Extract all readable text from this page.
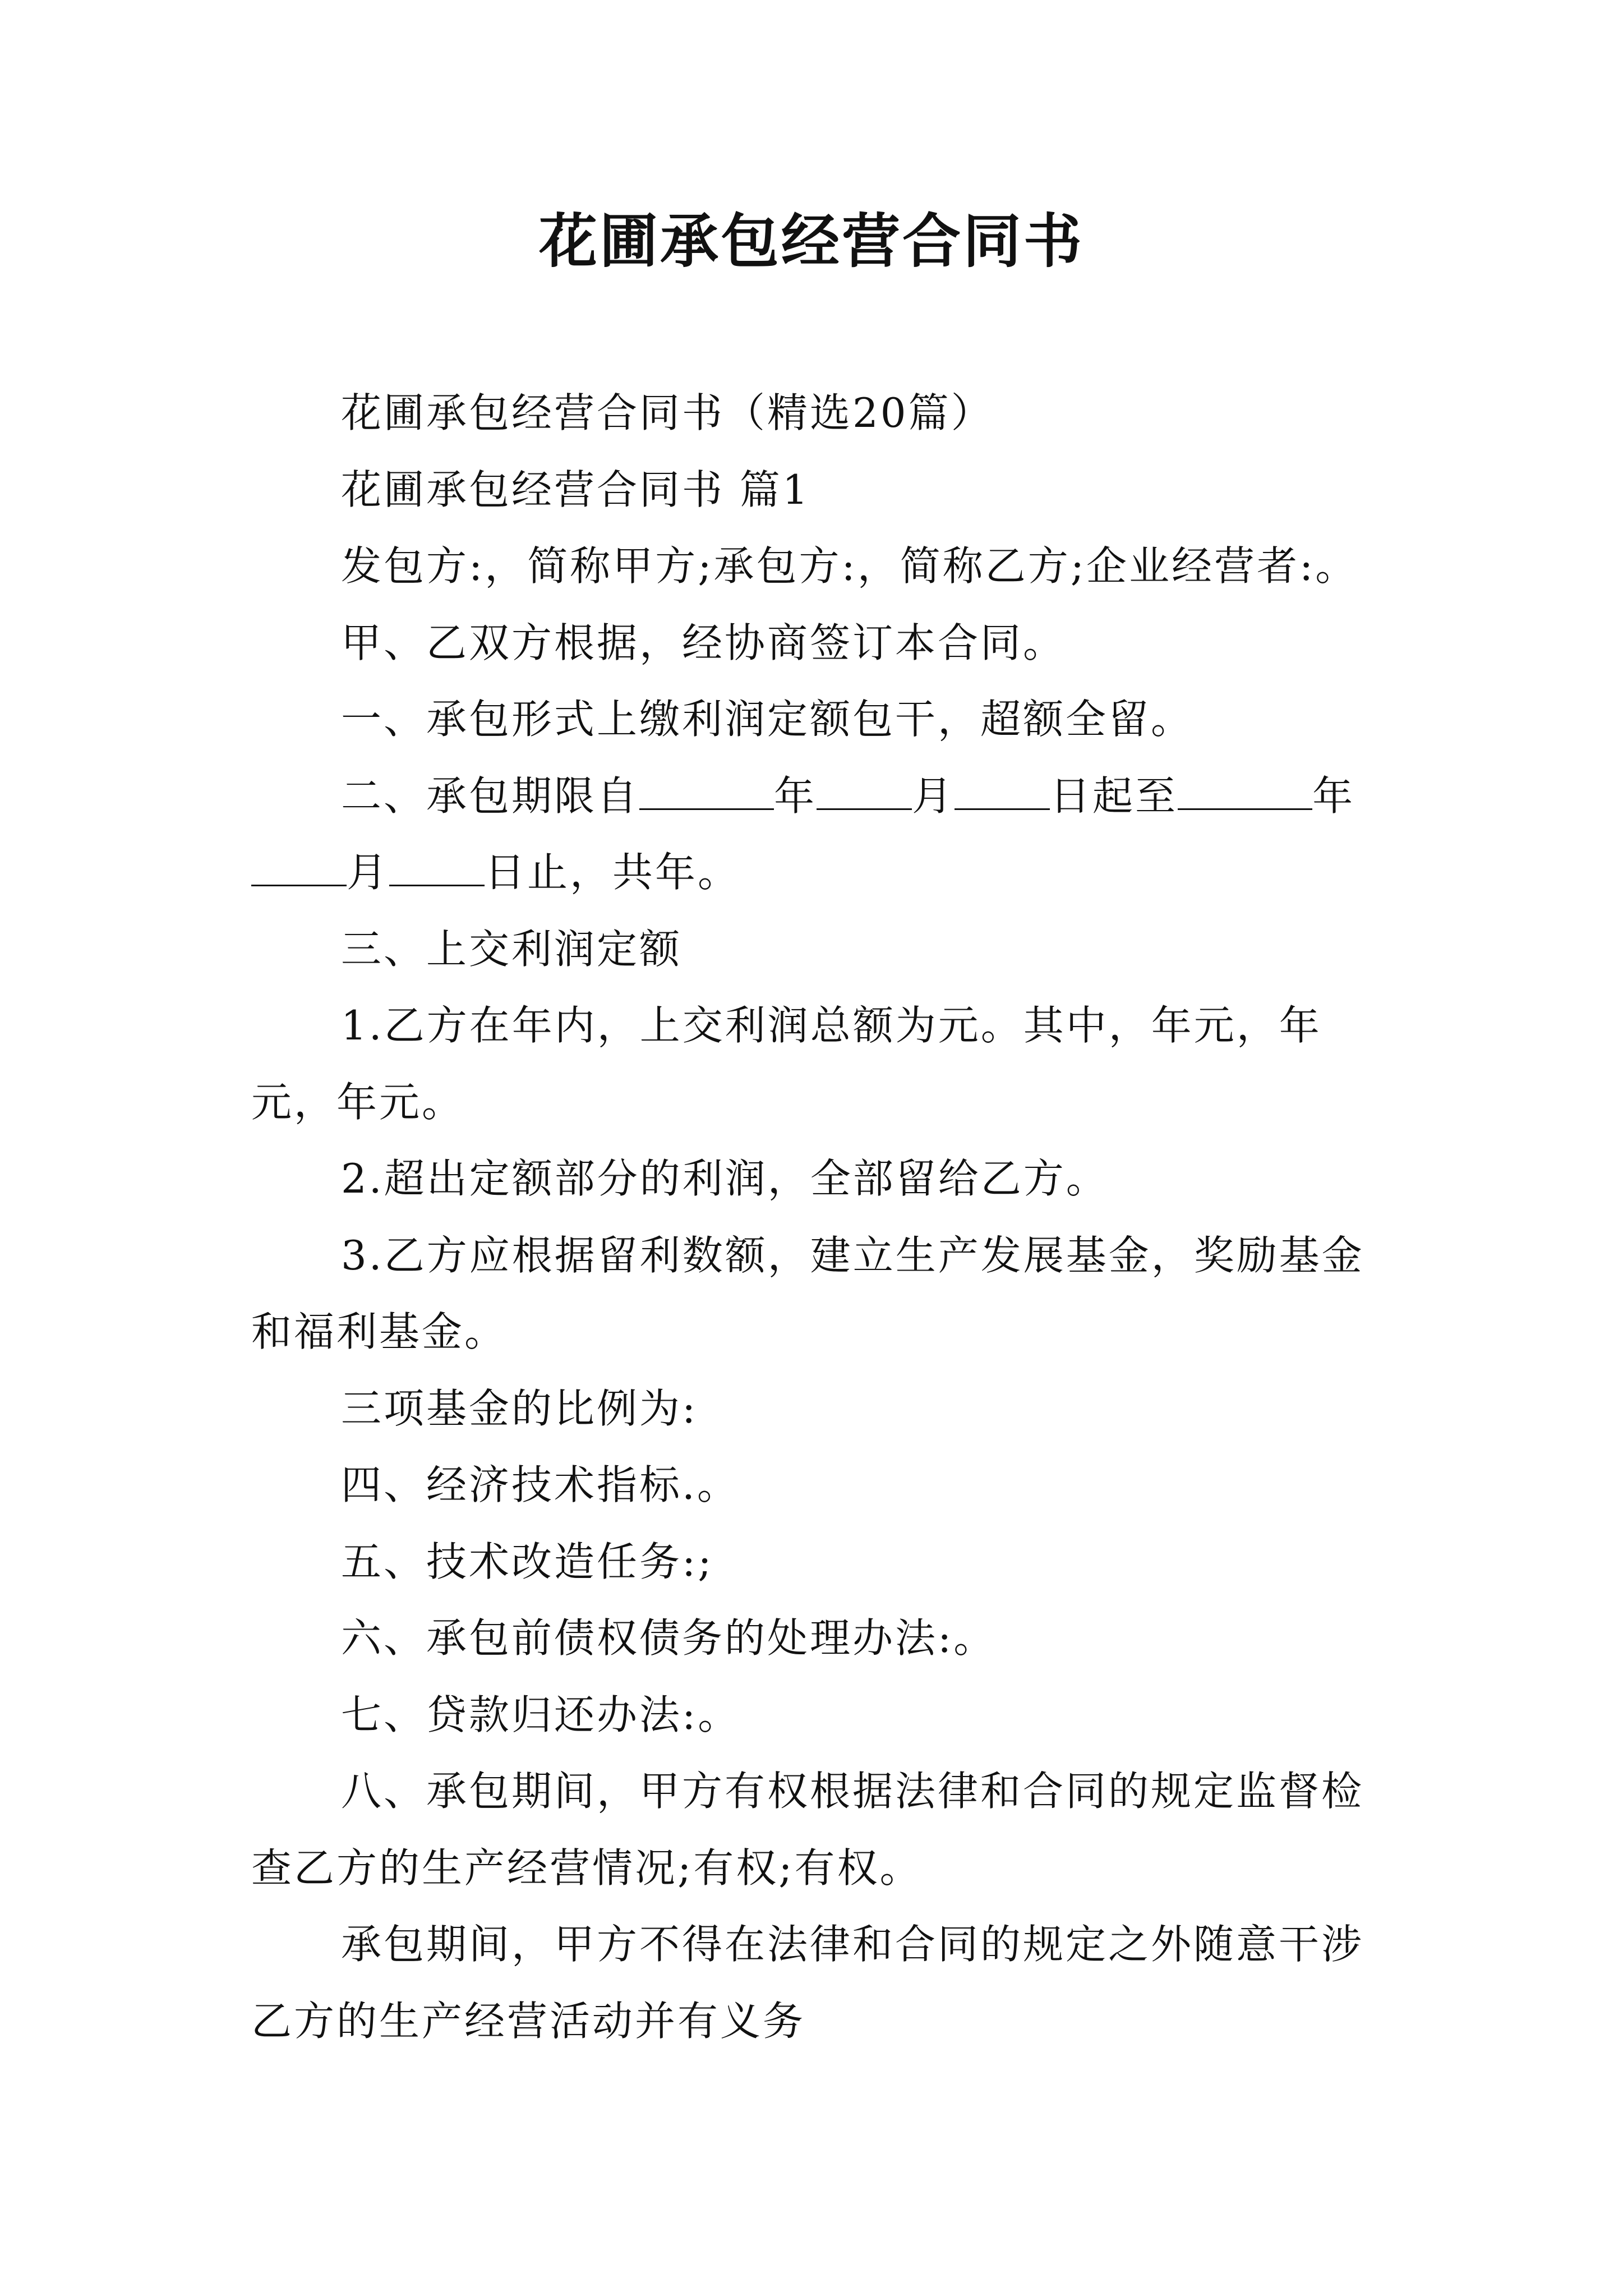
花圃承包经营合同书

花圃承包经营合同书（精选20篇）

花圃承包经营合同书 篇1

发包方:，简称甲方;承包方:，简称乙方;企业经营者:。

甲、乙双方根据，经协商签订本合同。

一、承包形式上缴利润定额包干，超额全留。

二、承包期限自	年 月 日起至	年月 日止，共年。

三、上交利润定额

1.乙方在年内，上交利润总额为元。其中，年元，年元，年元。

2.超出定额部分的利润，全部留给乙方。

3.乙方应根据留利数额，建立生产发展基金，奖励基金和福利基金。

三项基金的比例为:

四、经济技术指标.。

五、技术改造任务:;

六、承包前债权债务的处理办法:。

七、贷款归还办法:。

八、承包期间，甲方有权根据法律和合同的规定监督检查乙方的生产经营情况;有权;有权。

承包期间，甲方不得在法律和合同的规定之外随意干涉乙方的生产经营活动并有义务
